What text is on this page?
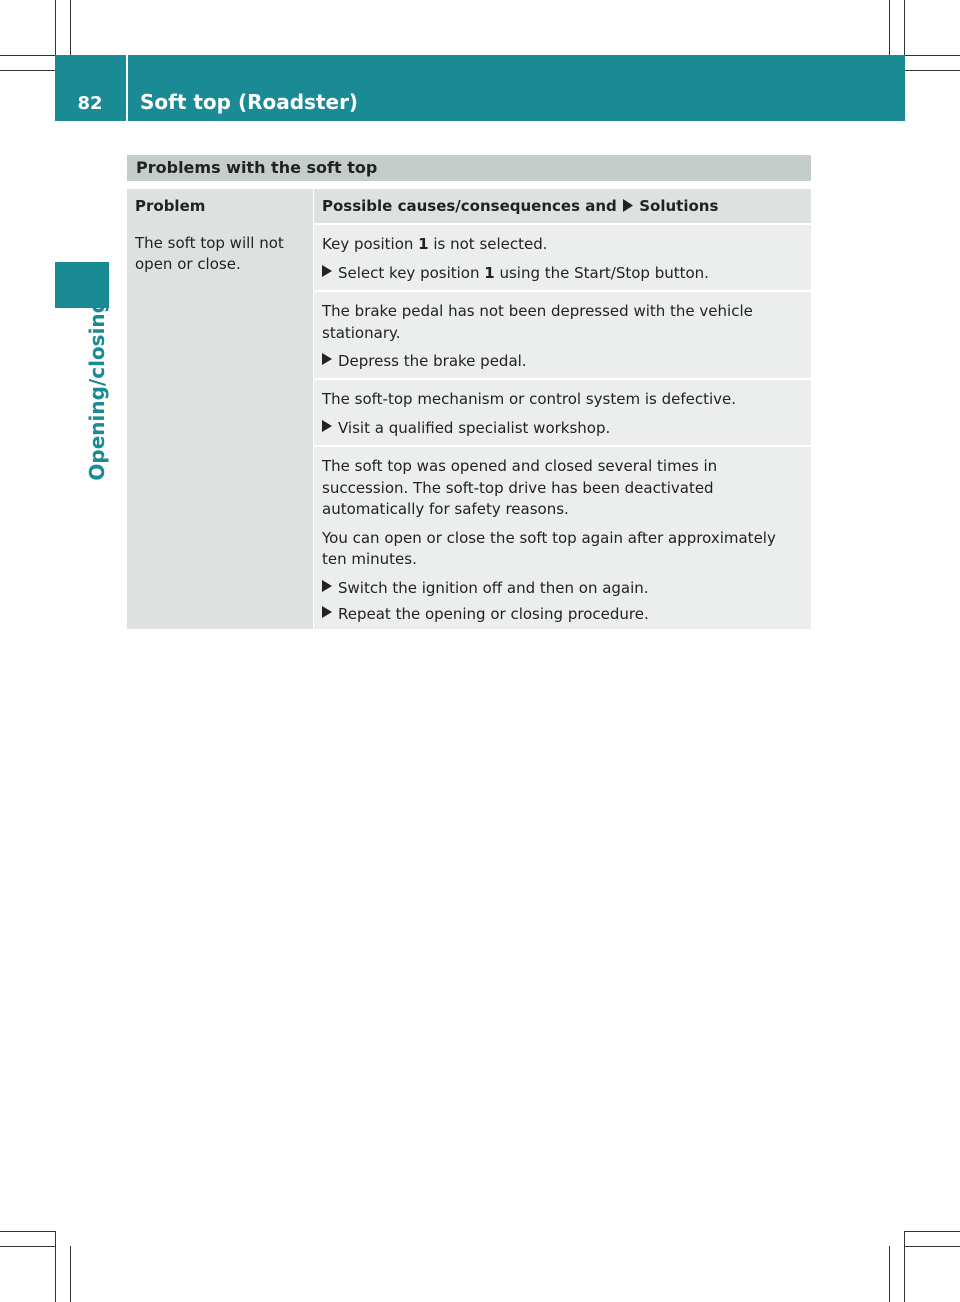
82	Soft top (Roadster)
Opening/closing
Problems with the soft top
Problem	Possible causes/consequences and Solutions
The soft top will not open or close.

Key position 1 is not selected.

Select key position 1 using the Start/Stop button.

The brake pedal has not been depressed with the vehicle stationary.

Depress the brake pedal.

The soft-top mechanism or control system is defective.

Visit a qualified specialist workshop.

The soft top was opened and closed several times in succession. The soft-top drive has been deactivated automatically for safety reasons.

You can open or close the soft top again after approximately ten minutes.

Switch the ignition off and then on again.
Repeat the opening or closing procedure.
